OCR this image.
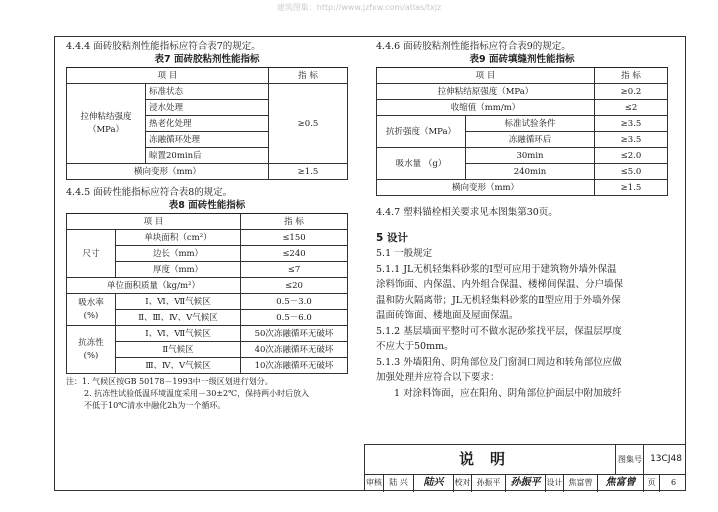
建筑图集：http://www.jzfxw.com/atlas/txjz

4.4.4 面砖胶粘剂性能指标应符合表7的规定。

表7 面砖胶粘剂性能指标

项 目		指 标

拉伸粘结强度
（MPa）	标准状态	≥0.5
	浸水处理	
	热老化处理	
	冻融循环处理	
	晾置20min后	
横向变形（mm）		≥1.5

4.4.5 面砖性能指标应符合表8的规定。

表8 面砖性能指标

项 目		指 标
尺寸	单块面积（cm²）	≤150
	边长（mm）	≤240
	厚度（mm）	≤7
单位面积质量（kg/m²）		≤20

吸水率
(%)	Ⅰ、Ⅵ、Ⅶ气候区	0.5－3.0
	Ⅱ、Ⅲ、Ⅳ、Ⅴ气候区	0.5－6.0

抗冻性
(%)	Ⅰ、Ⅵ、Ⅶ气候区	50次冻融循环无破坏
	Ⅱ气候区	40次冻融循环无破坏
	Ⅲ、Ⅳ、Ⅴ气候区	10次冻融循环无破坏

注：1. 气候区按GB 50178－1993中一级区划进行划分。

2. 抗冻性试验低温环境温度采用－30±2℃，保持两小时后放入

不低于10℃清水中融化2h为一个循环。

4.4.6 面砖胶粘剂性能指标应符合表9的规定。

表9 面砖填缝剂性能指标

项 目		指 标
拉伸粘结原强度（MPa）		≥0.2
收缩值（mm/m）		≤2
抗折强度（MPa）	标准试验条件	≥3.5
	冻融循环后	≥3.5
吸水量 （g）	30min	≤2.0
	240min	≤5.0
横向变形（mm）		≥1.5

4.4.7 塑料锚栓相关要求见本图集第30页。

5 设计

5.1 一般规定

5.1.1 JL无机轻集料砂浆的Ⅰ型可应用于建筑物外墙外保温

涂料饰面、内保温、内外组合保温、楼梯间保温、分户墙保

温和防火隔离带；JL无机轻集料砂浆的Ⅱ型应用于外墙外保

温面砖饰面、楼地面及屋面保温。

5.1.2 基层墙面平整时可不做水泥砂浆找平层，保温层厚度

不应大于50mm。

5.1.3 外墙阳角、阴角部位及门窗洞口周边和转角部位应做

加强处理并应符合以下要求：

1 对涂料饰面，应在阳角、阴角部位护面层中附加玻纤

说明	图集号 13CJ48
审核 陆 兴	陆兴	校对 孙振平	孙振平 设计 焦富曾	焦富曾	页	6
